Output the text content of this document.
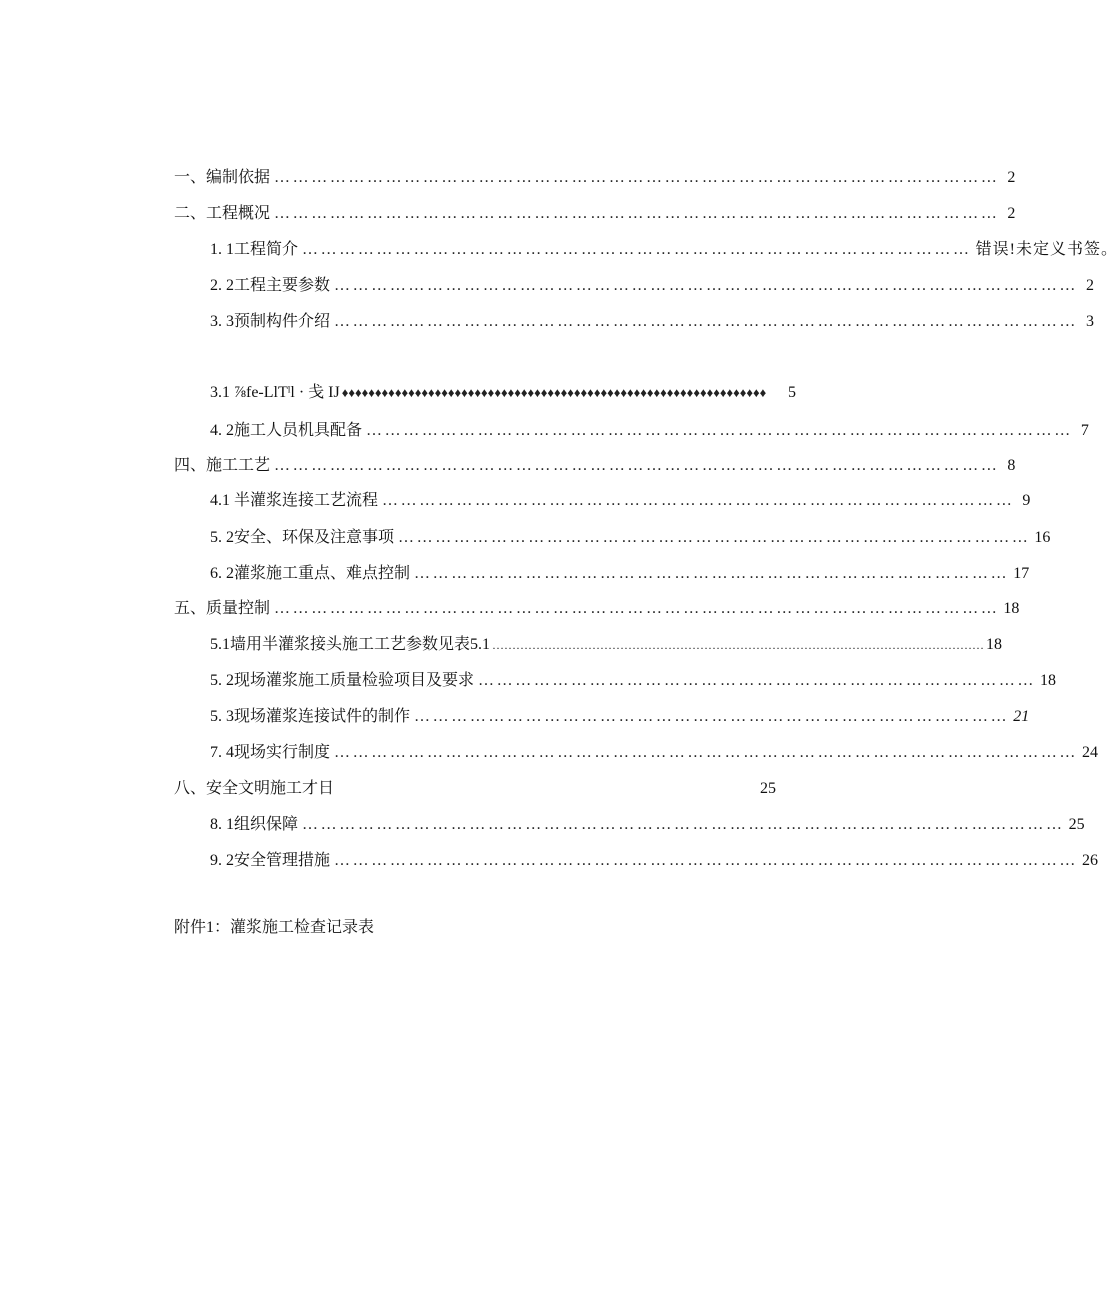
一、编制依据 ……………………………………………………………………………………………………… 2
二、工程概况 ……………………………………………………………………………………………………… 2
1. 1工程简介 ……………………………………………………………………………………………… 错误!未定义书签。
2. 2工程主要参数 ………………………………………………………………………………………………………… 2
3. 3预制构件介绍 ………………………………………………………………………………………………………… 3
3.1 ⅞fe-LlTˡl · 戋 IJ ♦♦♦♦♦♦♦♦♦♦♦♦♦♦♦♦♦♦♦♦♦♦♦♦♦♦♦♦♦♦♦♦♦♦♦♦♦♦♦♦♦♦♦♦♦♦♦♦♦♦♦♦♦♦♦♦♦♦♦♦♦♦♦♦	5
4. 2施工人员机具配备 …………………………………………………………………………………………………… 7
四、施工工艺 ……………………………………………………………………………………………………… 8
4.1 半灌浆连接工艺流程 ………………………………………………………………………………………… 9
5. 2安全、环保及注意事项 ………………………………………………………………………………………… 16
6. 2灌浆施工重点、难点控制 …………………………………………………………………………………… 17
五、质量控制 ……………………………………………………………………………………………………… 18
5.1墙用半灌浆接头施工工艺参数见表5.1 …………………………………………………………………………………………………………… 18
5. 2现场灌浆施工质量检验项目及要求 ……………………………………………………………………………… 18
5. 3现场灌浆连接试件的制作 …………………………………………………………………………………… 21
7. 4现场实行制度 ………………………………………………………………………………………………………… 24
八、安全文明施工才日	25
8. 1组织保障 …………………………………………………………………………………………………………… 25
9. 2安全管理措施 ………………………………………………………………………………………………………… 26
附件1：灌浆施工检查记录表
